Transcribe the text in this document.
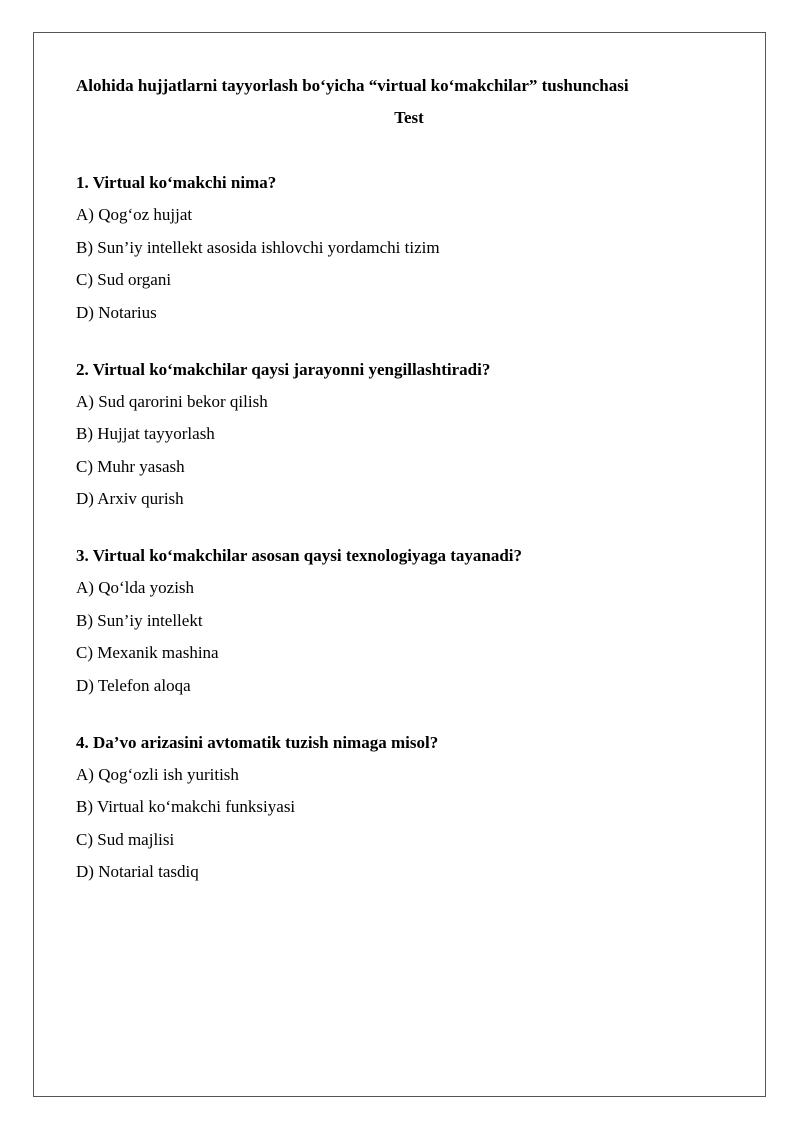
Alohida hujjatlarni tayyorlash bo‘yicha “virtual ko‘makchilar” tushunchasi

Test

1. Virtual ko‘makchi nima?

A) Qog‘oz hujjat

B) Sun’iy intellekt asosida ishlovchi yordamchi tizim

C) Sud organi

D) Notarius

2. Virtual ko‘makchilar qaysi jarayonni yengillashtiradi?

A) Sud qarorini bekor qilish

B) Hujjat tayyorlash

C) Muhr yasash

D) Arxiv qurish

3. Virtual ko‘makchilar asosan qaysi texnologiyaga tayanadi?

A) Qo‘lda yozish

B) Sun’iy intellekt

C) Mexanik mashina

D) Telefon aloqa

4. Da’vo arizasini avtomatik tuzish nimaga misol?

A) Qog‘ozli ish yuritish

B) Virtual ko‘makchi funksiyasi

C) Sud majlisi

D) Notarial tasdiq
